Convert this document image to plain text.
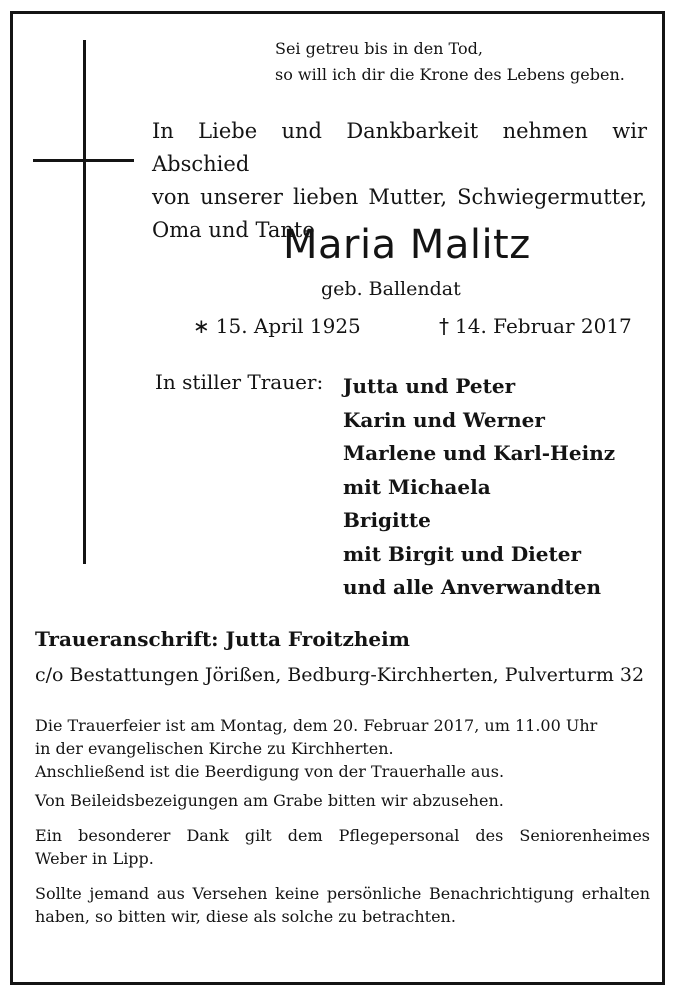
Sei getreu bis in den Tod,
so will ich dir die Krone des Lebens geben.
In Liebe und Dankbarkeit nehmen wir Abschied
von unserer lieben Mutter, Schwiegermutter,
Oma und Tante
Maria Malitz
geb. Ballendat
∗ 15. April 1925	† 14. Februar 2017
In stiller Trauer: Jutta und Peter
Karin und Werner
Marlene und Karl-Heinz
mit Michaela
Brigitte
mit Birgit und Dieter
und alle Anverwandten
Traueranschrift: Jutta Froitzheim
c/o Bestattungen Jörißen, Bedburg-Kirchherten, Pulverturm 32

Die Trauerfeier ist am Montag, dem 20. Februar 2017, um 11.00 Uhr
in der evangelischen Kirche zu Kirchherten.
Anschließend ist die Beerdigung von der Trauerhalle aus.

Von Beileidsbezeigungen am Grabe bitten wir abzusehen.

Ein besonderer Dank gilt dem Pflegepersonal des Seniorenheimes
Weber in Lipp.

Sollte jemand aus Versehen keine persönliche Benachrichtigung erhalten
haben, so bitten wir, diese als solche zu betrachten.
